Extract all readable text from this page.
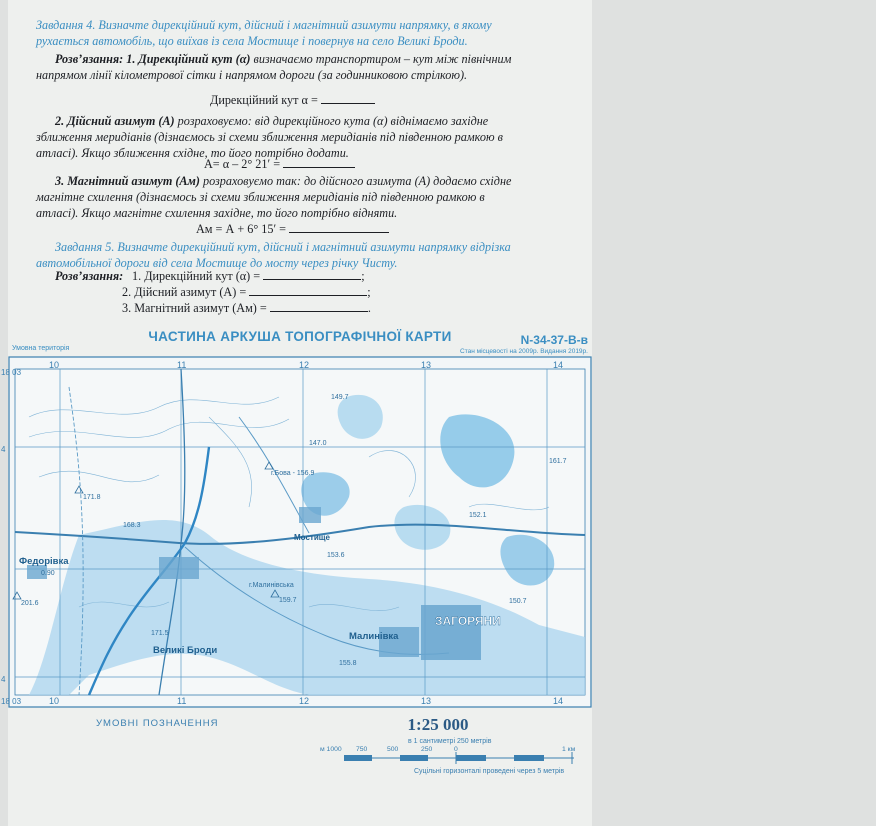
Завдання 4. Визначте дирекційний кут, дійсний і магнітний азимути напрямку, в якому
рухається автомобіль, що виїхав із села Мостище і повернув на село Великі Броди.
Розв’язання: 1. Дирекційний кут (α) визначаємо транспортиром – кут між північним
напрямом лінії кілометрової сітки і напрямом дороги (за годинниковою стрілкою).
Дирекційний кут α =
2. Дійсний азимут (А) розраховуємо: від дирекційного кута (α) віднімаємо західне
зближення меридіанів (дізнаємось зі схеми зближення меридіанів під південною рамкою в
атласі). Якщо зближення східне, то його потрібно додати.
А= α – 2° 21′ =
3. Магнітний азимут (Ам) розраховуємо так: до дійсного азимута (А) додаємо східне
магнітне схилення (дізнаємось зі схеми зближення меридіанів під південною рамкою в
атласі). Якщо магнітне схилення західне, то його потрібно відняти.
Ам = А + 6° 15′ =
Завдання 5. Визначте дирекційний кут, дійсний і магнітний азимути напрямку відрізка
автомобільної дороги від села Мостище до мосту через річку Чисту.
Розв’язання: 1. Дирекційний кут (α) =	;
2. Дійсний азимут (А) =	;
3. Магнітний азимут (Ам) =	.
ЧАСТИНА АРКУША ТОПОГРАФІЧНОЇ КАРТИ
Умовна територія
N-34-37-В-в
Стан місцевості на 2009р. Видання 2019р.
10	11	12	13	14
10	11	12	13	14
18 03
18 03
4
4
Федорівка
0.90
Великі Броди
Мостище
Малинівка
ЗАГОРЯНИ
г.Бова - 156.9
г.Малинівська
171.8
201.6
155.8
149.7
147.0
152.1
159.7
161.7
153.6
150.7
171.5
168.3
УМОВНІ ПОЗНАЧЕННЯ	1:25 000
в 1 сантиметрі 250 метрів
м 1000 750	500	250	0	1 км
Суцільні горизонталі проведені через 5 метрів
